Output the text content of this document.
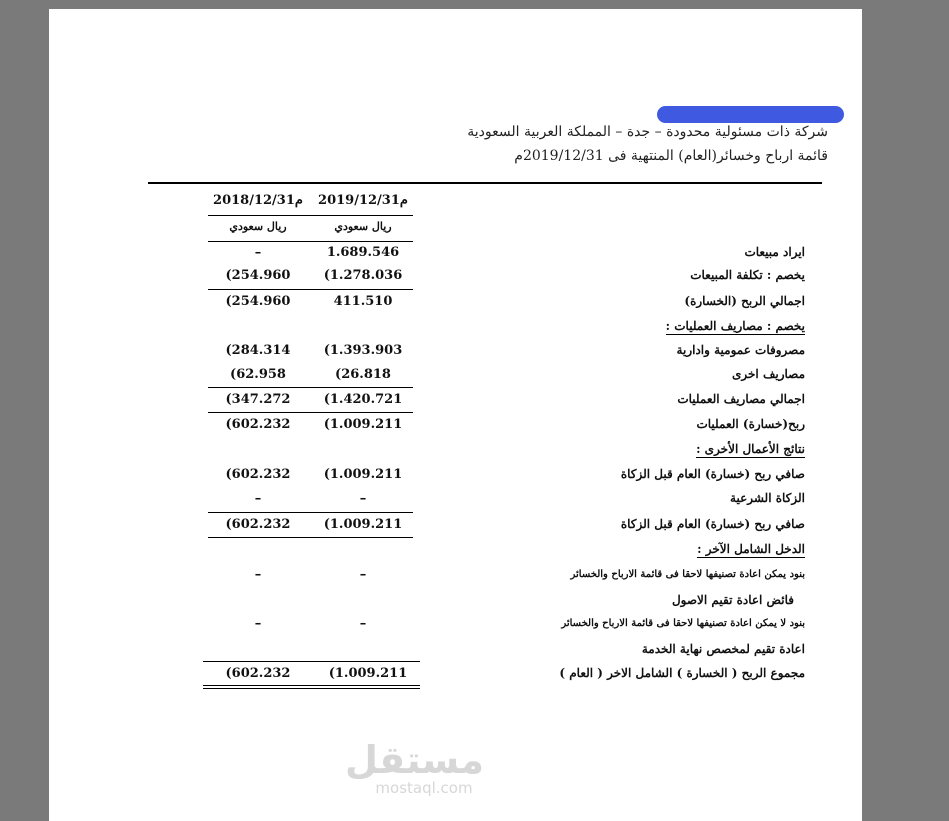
شركة ذات مسئولية محدودة – جدة – المملكة العربية السعودية
قائمة ارباح وخسائر(العام) المنتهية فى 2019/12/31م
2019/12/31م
2018/12/31م
ريال سعودي
ريال سعودي
ايراد مبيعات
1.689.546
–
يخصم : تكلفة المبيعات
(1.278.036
(254.960
اجمالي الربح (الخسارة)
411.510
(254.960
يخصم : مصاريف العمليات :
مصروفات عمومية وادارية
(1.393.903
(284.314
مصاريف اخرى
(26.818
(62.958
اجمالي مصاريف العمليات
(1.420.721
(347.272
ربح(خسارة) العمليات
(1.009.211
(602.232
نتائج الأعمال الأخرى :
صافي ربح (خسارة) العام قبل الزكاة
(1.009.211
(602.232
الزكاة الشرعية
–
–
صافي ربح (خسارة) العام قبل الزكاة
(1.009.211
(602.232
الدخل الشامل الآخر :
بنود يمكن اعادة تصنيفها لاحقا فى قائمة الارباح والخسائر
–
–
فائض اعادة تقيم الاصول
بنود لا يمكن اعادة تصنيفها لاحقا فى قائمة الارباح والخسائر
–
–
اعادة تقيم لمخصص نهاية الخدمة
مجموع الربح ( الخسارة ) الشامل الاخر ( العام )
(1.009.211
(602.232
مستقل
mostaql.com
